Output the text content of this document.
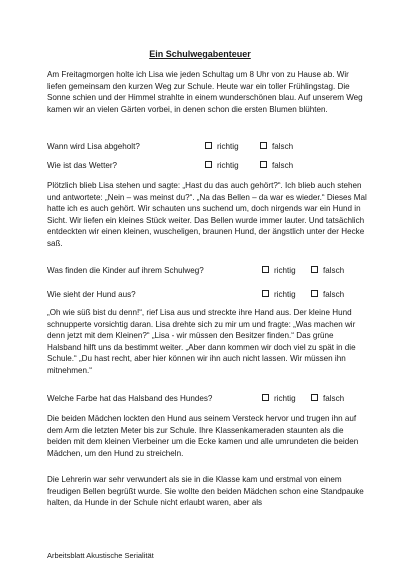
Ein Schulwegabenteuer

Am Freitagmorgen holte ich Lisa wie jeden Schultag um 8 Uhr von zu Hause ab. Wir liefen gemeinsam den kurzen Weg zur Schule. Heute war ein toller Frühlingstag. Die Sonne schien und der Himmel strahlte in einem wunderschönen blau. Auf unserem Weg kamen wir an vielen Gärten vorbei, in denen schon die ersten Blumen blühten.

Wann wird Lisa abgeholt?	richtig	falsch
Wie ist das Wetter?	richtig	falsch

Plötzlich blieb Lisa stehen und sagte: „Hast du das auch gehört?“. Ich blieb auch stehen und antwortete: „Nein – was meinst du?“. „Na das Bellen – da war es wieder.“ Dieses Mal hatte ich es auch gehört. Wir schauten uns suchend um, doch nirgends war ein Hund in Sicht. Wir liefen ein kleines Stück weiter. Das Bellen wurde immer lauter. Und tatsächlich entdeckten wir einen kleinen, wuscheligen, braunen Hund, der ängstlich unter der Hecke saß.

Was finden die Kinder auf ihrem Schulweg?	richtig	falsch
Wie sieht der Hund aus?	richtig	falsch

„Oh wie süß bist du denn!“, rief Lisa aus und streckte ihre Hand aus. Der kleine Hund schnupperte vorsichtig daran. Lisa drehte sich zu mir um und fragte: „Was machen wir denn jetzt mit dem Kleinen?“ „Lisa - wir müssen den Besitzer finden.“ Das grüne Halsband hilft uns da bestimmt weiter. „Aber dann kommen wir doch viel zu spät in die Schule.“ „Du hast recht, aber hier können wir ihn auch nicht lassen. Wir müssen ihn mitnehmen.“

Welche Farbe hat das Halsband des Hundes?	richtig	falsch

Die beiden Mädchen lockten den Hund aus seinem Versteck hervor und trugen ihn auf dem Arm die letzten Meter bis zur Schule. Ihre Klassenkameraden staunten als die beiden mit dem kleinen Vierbeiner um die Ecke kamen und alle umrundeten die beiden Mädchen, um den Hund zu streicheln.

Die Lehrerin war sehr verwundert als sie in die Klasse kam und erstmal von einem freudigen Bellen begrüßt wurde. Sie wollte den beiden Mädchen schon eine Standpauke halten, da Hunde in der Schule nicht erlaubt waren, aber als

Arbeitsblatt Akustische Serialität
